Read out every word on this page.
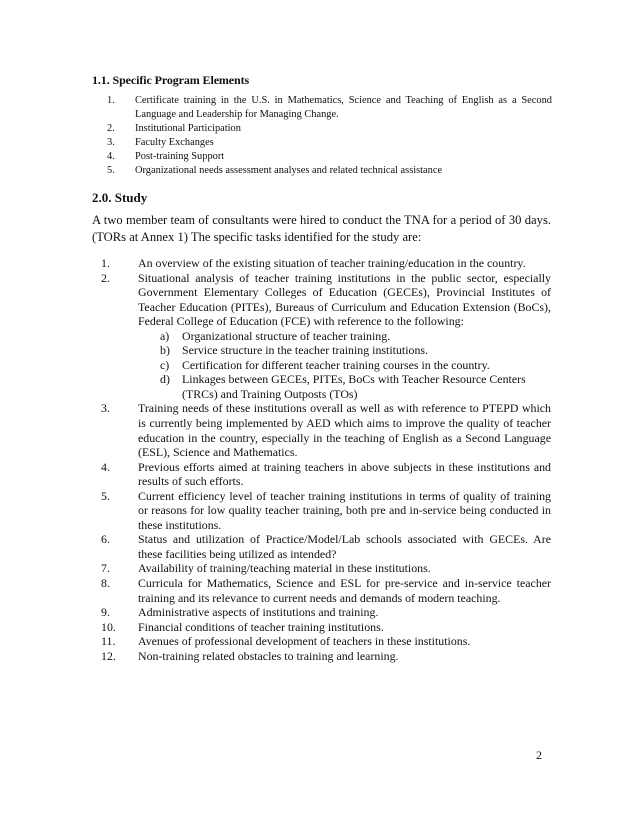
1.1. Specific Program Elements
1.	Certificate training in the U.S. in Mathematics, Science and Teaching of English as a Second Language and Leadership for Managing Change.
2.	Institutional Participation
3.	Faculty Exchanges
4.	Post-training Support
5.	Organizational needs assessment analyses and related technical assistance
2.0. Study
A two member team of consultants were hired to conduct the TNA for a period of 30 days. (TORs at Annex 1) The specific tasks identified for the study are:
1.	An overview of the existing situation of teacher training/education in the country.
2.	Situational analysis of teacher training institutions in the public sector, especially Government Elementary Colleges of Education (GECEs), Provincial Institutes of Teacher Education (PITEs), Bureaus of Curriculum and Education Extension (BoCs), Federal College of Education (FCE) with reference to the following:
a)	Organizational structure of teacher training.
b)	Service structure in the teacher training institutions.
c)	Certification for different teacher training courses in the country.
d)	Linkages between GECEs, PITEs, BoCs with Teacher Resource Centers (TRCs) and Training Outposts (TOs)
3.	Training needs of these institutions overall as well as with reference to PTEPD which is currently being implemented by AED which aims to improve the quality of teacher education in the country, especially in the teaching of English as a Second Language (ESL), Science and Mathematics.
4.	Previous efforts aimed at training teachers in above subjects in these institutions and results of such efforts.
5.	Current efficiency level of teacher training institutions in terms of quality of training or reasons for low quality teacher training, both pre and in-service being conducted in these institutions.
6.	Status and utilization of Practice/Model/Lab schools associated with GECEs. Are these facilities being utilized as intended?
7.	Availability of training/teaching material in these institutions.
8.	Curricula for Mathematics, Science and ESL for pre-service and in-service teacher training and its relevance to current needs and demands of modern teaching.
9.	Administrative aspects of institutions and training.
10.	Financial conditions of teacher training institutions.
11.	Avenues of professional development of teachers in these institutions.
12.	Non-training related obstacles to training and learning.
2
